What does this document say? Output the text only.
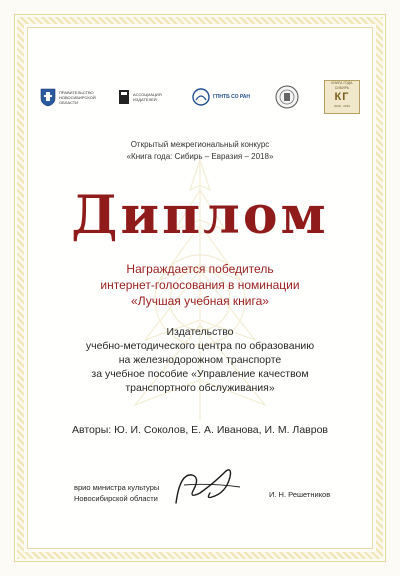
ПРАВИТЕЛЬСТВО НОВОСИБИРСКОЙ ОБЛАСТИ
АССОЦИАЦИЯ ИЗДАТЕЛЕЙ	ГПНТБ СО РАН
КНИГА ГОДА СИБИРЬ
КГ
2018 · 2019
Открытый межрегиональный конкурс
«Книга года: Сибирь – Евразия – 2018»
Диплом
Награждается победитель
интернет-голосования в номинации
«Лучшая учебная книга»
Издательство
учебно-методического центра по образованию
на железнодорожном транспорте
за учебное пособие «Управление качеством
транспортного обслуживания»
Авторы: Ю. И. Соколов, Е. А. Иванова, И. М. Лавров
врио министра культуры
Новосибирской области	И. Н. Решетников
